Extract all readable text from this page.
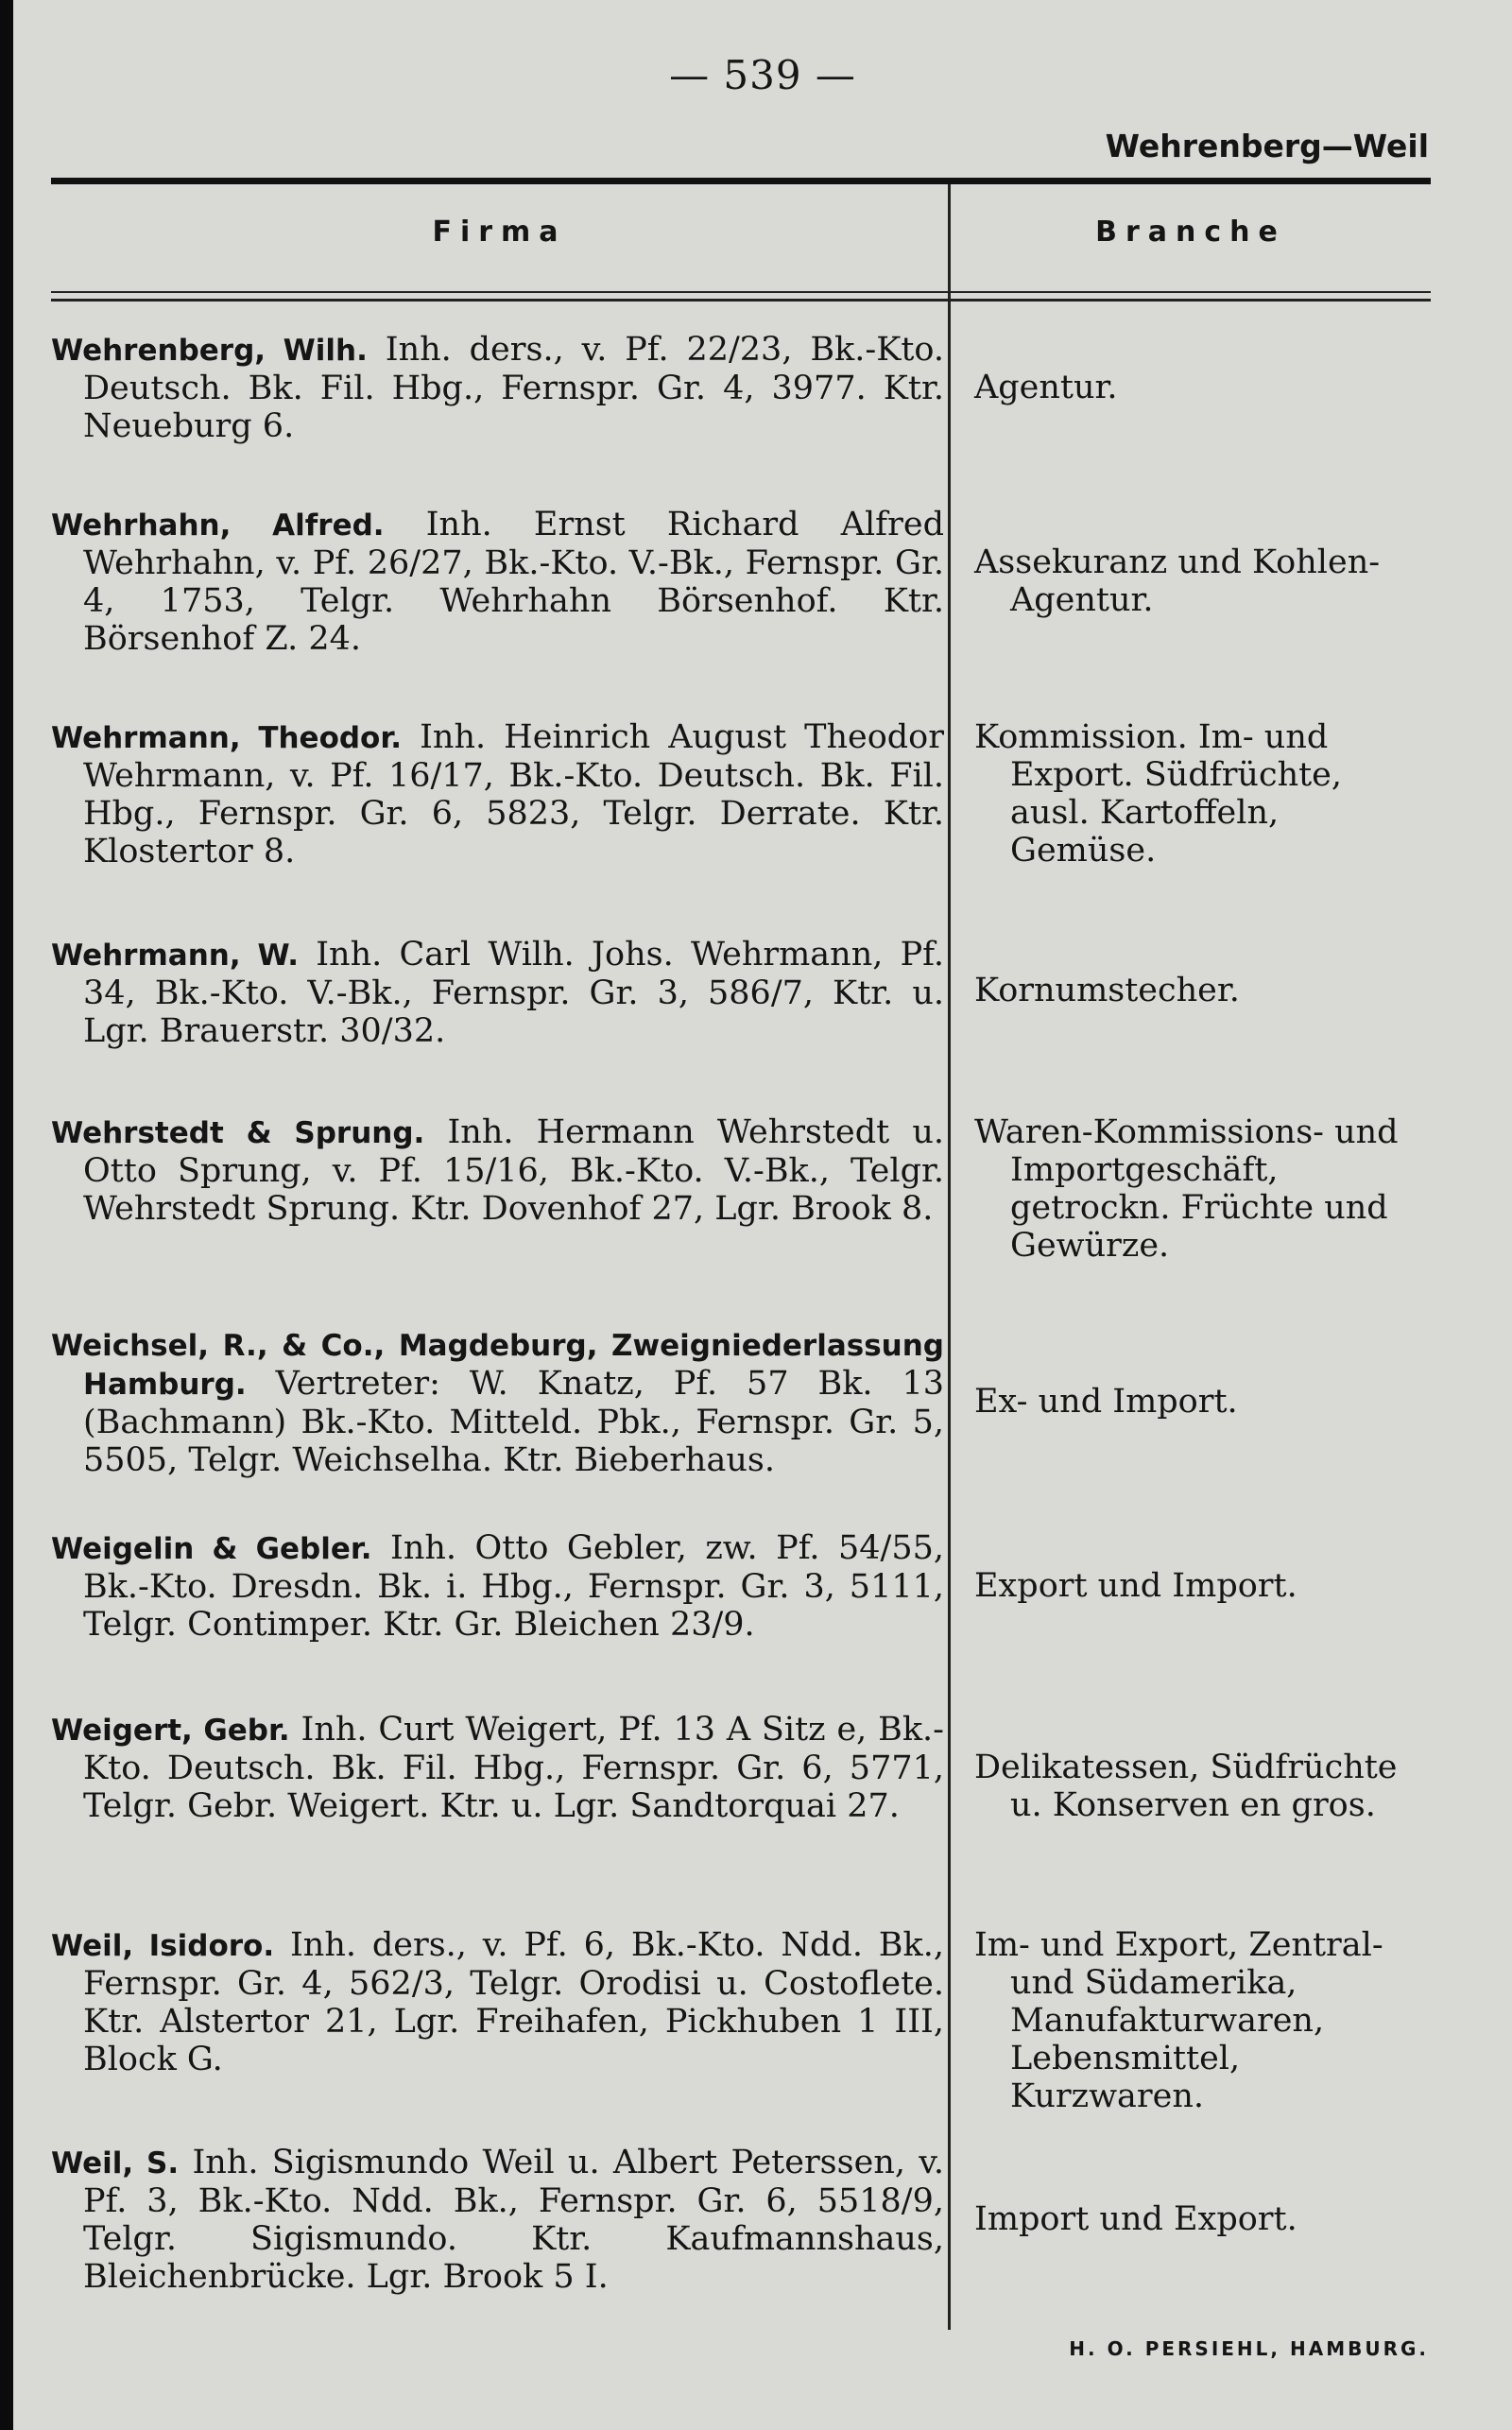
— 539 —
Wehrenberg—Weil
Firma	Branche
Wehrenberg, Wilh. Inh. ders., v. Pf. 22/23, Bk.-Kto. Deutsch. Bk. Fil. Hbg., Fernspr. Gr. 4, 3977. Ktr. Neueburg 6.
Agentur.
Wehrhahn, Alfred. Inh. Ernst Richard Alfred Wehrhahn, v. Pf. 26/27, Bk.-Kto. V.-Bk., Fernspr. Gr. 4, 1753, Telgr. Wehrhahn Börsenhof. Ktr. Börsenhof Z. 24.
Assekuranz und Kohlen-Agentur.
Wehrmann, Theodor. Inh. Heinrich August Theodor Wehrmann, v. Pf. 16/17, Bk.-Kto. Deutsch. Bk. Fil. Hbg., Fernspr. Gr. 6, 5823, Telgr. Derrate. Ktr. Klostertor 8.
Kommission. Im- und Export. Südfrüchte, ausl. Kartoffeln, Gemüse.
Wehrmann, W. Inh. Carl Wilh. Johs. Wehrmann, Pf. 34, Bk.-Kto. V.-Bk., Fernspr. Gr. 3, 586/7, Ktr. u. Lgr. Brauerstr. 30/32.
Kornumstecher.
Wehrstedt & Sprung. Inh. Hermann Wehrstedt u. Otto Sprung, v. Pf. 15/16, Bk.-Kto. V.-Bk., Telgr. Wehrstedt Sprung. Ktr. Dovenhof 27, Lgr. Brook 8.
Waren-Kommissions- und Importgeschäft, getrockn. Früchte und Gewürze.
Weichsel, R., & Co., Magdeburg, Zweigniederlassung Hamburg. Vertreter: W. Knatz, Pf. 57 Bk. 13 (Bachmann) Bk.-Kto. Mitteld. Pbk., Fernspr. Gr. 5, 5505, Telgr. Weichselha. Ktr. Bieberhaus.
Ex- und Import.
Weigelin & Gebler. Inh. Otto Gebler, zw. Pf. 54/55, Bk.-Kto. Dresdn. Bk. i. Hbg., Fernspr. Gr. 3, 5111, Telgr. Contimper. Ktr. Gr. Bleichen 23/9.
Export und Import.
Weigert, Gebr. Inh. Curt Weigert, Pf. 13 A Sitz e, Bk.-Kto. Deutsch. Bk. Fil. Hbg., Fernspr. Gr. 6, 5771, Telgr. Gebr. Weigert. Ktr. u. Lgr. Sandtorquai 27.
Delikatessen, Südfrüchte u. Konserven en gros.
Weil, Isidoro. Inh. ders., v. Pf. 6, Bk.-Kto. Ndd. Bk., Fernspr. Gr. 4, 562/3, Telgr. Orodisi u. Costoflete. Ktr. Alstertor 21, Lgr. Freihafen, Pickhuben 1 III, Block G.
Im- und Export, Zentral- und Südamerika, Manufakturwaren, Lebensmittel, Kurzwaren.
Weil, S. Inh. Sigismundo Weil u. Albert Peterssen, v. Pf. 3, Bk.-Kto. Ndd. Bk., Fernspr. Gr. 6, 5518/9, Telgr. Sigismundo. Ktr. Kaufmannshaus, Bleichenbrücke. Lgr. Brook 5 I.
Import und Export.
H. O. PERSIEHL, HAMBURG.
